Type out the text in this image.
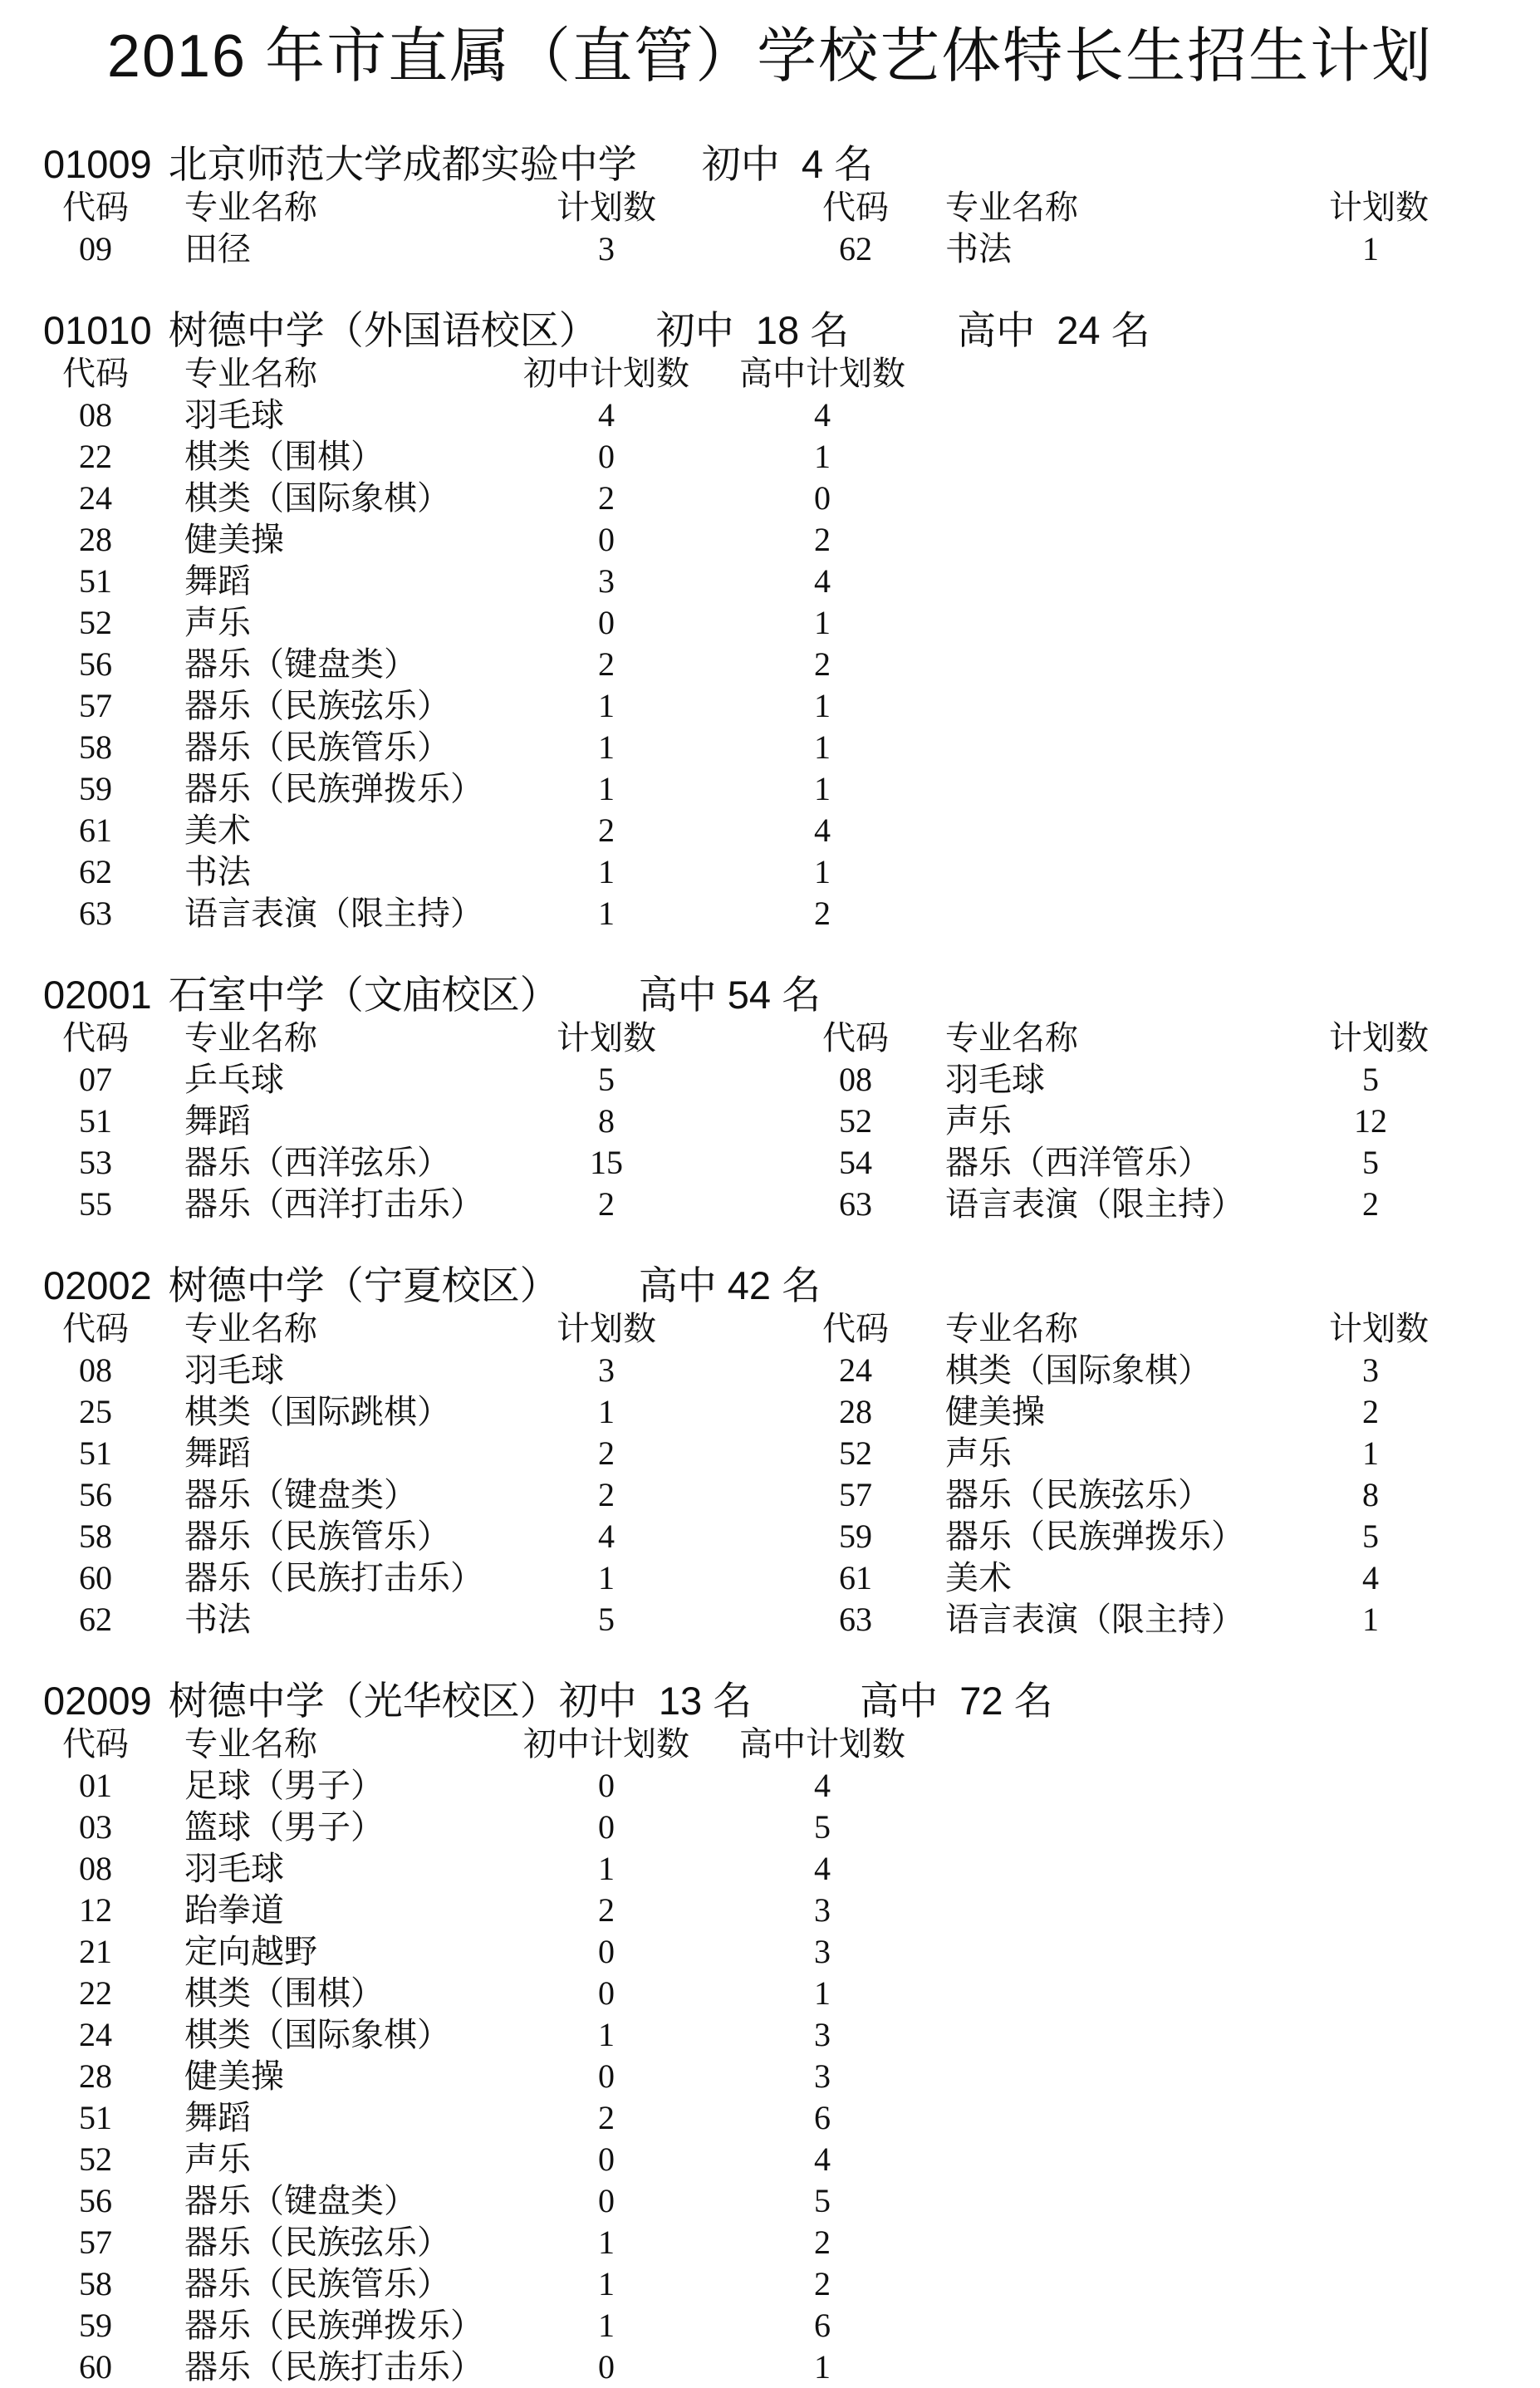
2016 年市直属（直管）学校艺体特长生招生计划
01009 北京师范大学成都实验中学 初中  4 名
代码 专业名称	计划数	代码 专业名称	计划数
09	田径	3	62	书法	1
01010 树德中学（外国语校区） 初中  18 名	高中  24 名
代码 专业名称	初中计划数 高中计划数
08	羽毛球	4	4
22	棋类（围棋）	0	1
24	棋类（国际象棋）	2	0
28	健美操	0	2
51	舞蹈	3	4
52	声乐	0	1
56	器乐（键盘类）	2	2
57	器乐（民族弦乐）	1	1
58	器乐（民族管乐）	1	1
59	器乐（民族弹拨乐）	1	1
61	美术	2	4
62	书法	1	1
63	语言表演（限主持）	1	2
02001 石室中学（文庙校区） 高中 54 名
代码 专业名称	计划数	代码 专业名称	计划数
07	乒乓球	5	08	羽毛球	5
51	舞蹈	8	52	声乐	12
53	器乐（西洋弦乐）	15	54	器乐（西洋管乐）	5
55	器乐（西洋打击乐）	2	63	语言表演（限主持）	2
02002 树德中学（宁夏校区） 高中 42 名
代码 专业名称	计划数	代码 专业名称	计划数
08	羽毛球	3	24	棋类（国际象棋）	3
25	棋类（国际跳棋）	1	28	健美操	2
51	舞蹈	2	52	声乐	1
56	器乐（键盘类）	2	57	器乐（民族弦乐）	8
58	器乐（民族管乐）	4	59	器乐（民族弹拨乐）	5
60	器乐（民族打击乐）	1	61	美术	4
62	书法	5	63	语言表演（限主持）	1
02009 树德中学（光华校区）初中  13 名	高中  72 名
代码 专业名称	初中计划数 高中计划数
01	足球（男子）	0	4
03	篮球（男子）	0	5
08	羽毛球	1	4
12	跆拳道	2	3
21	定向越野	0	3
22	棋类（围棋）	0	1
24	棋类（国际象棋）	1	3
28	健美操	0	3
51	舞蹈	2	6
52	声乐	0	4
56	器乐（键盘类）	0	5
57	器乐（民族弦乐）	1	2
58	器乐（民族管乐）	1	2
59	器乐（民族弹拨乐）	1	6
60	器乐（民族打击乐）	0	1
